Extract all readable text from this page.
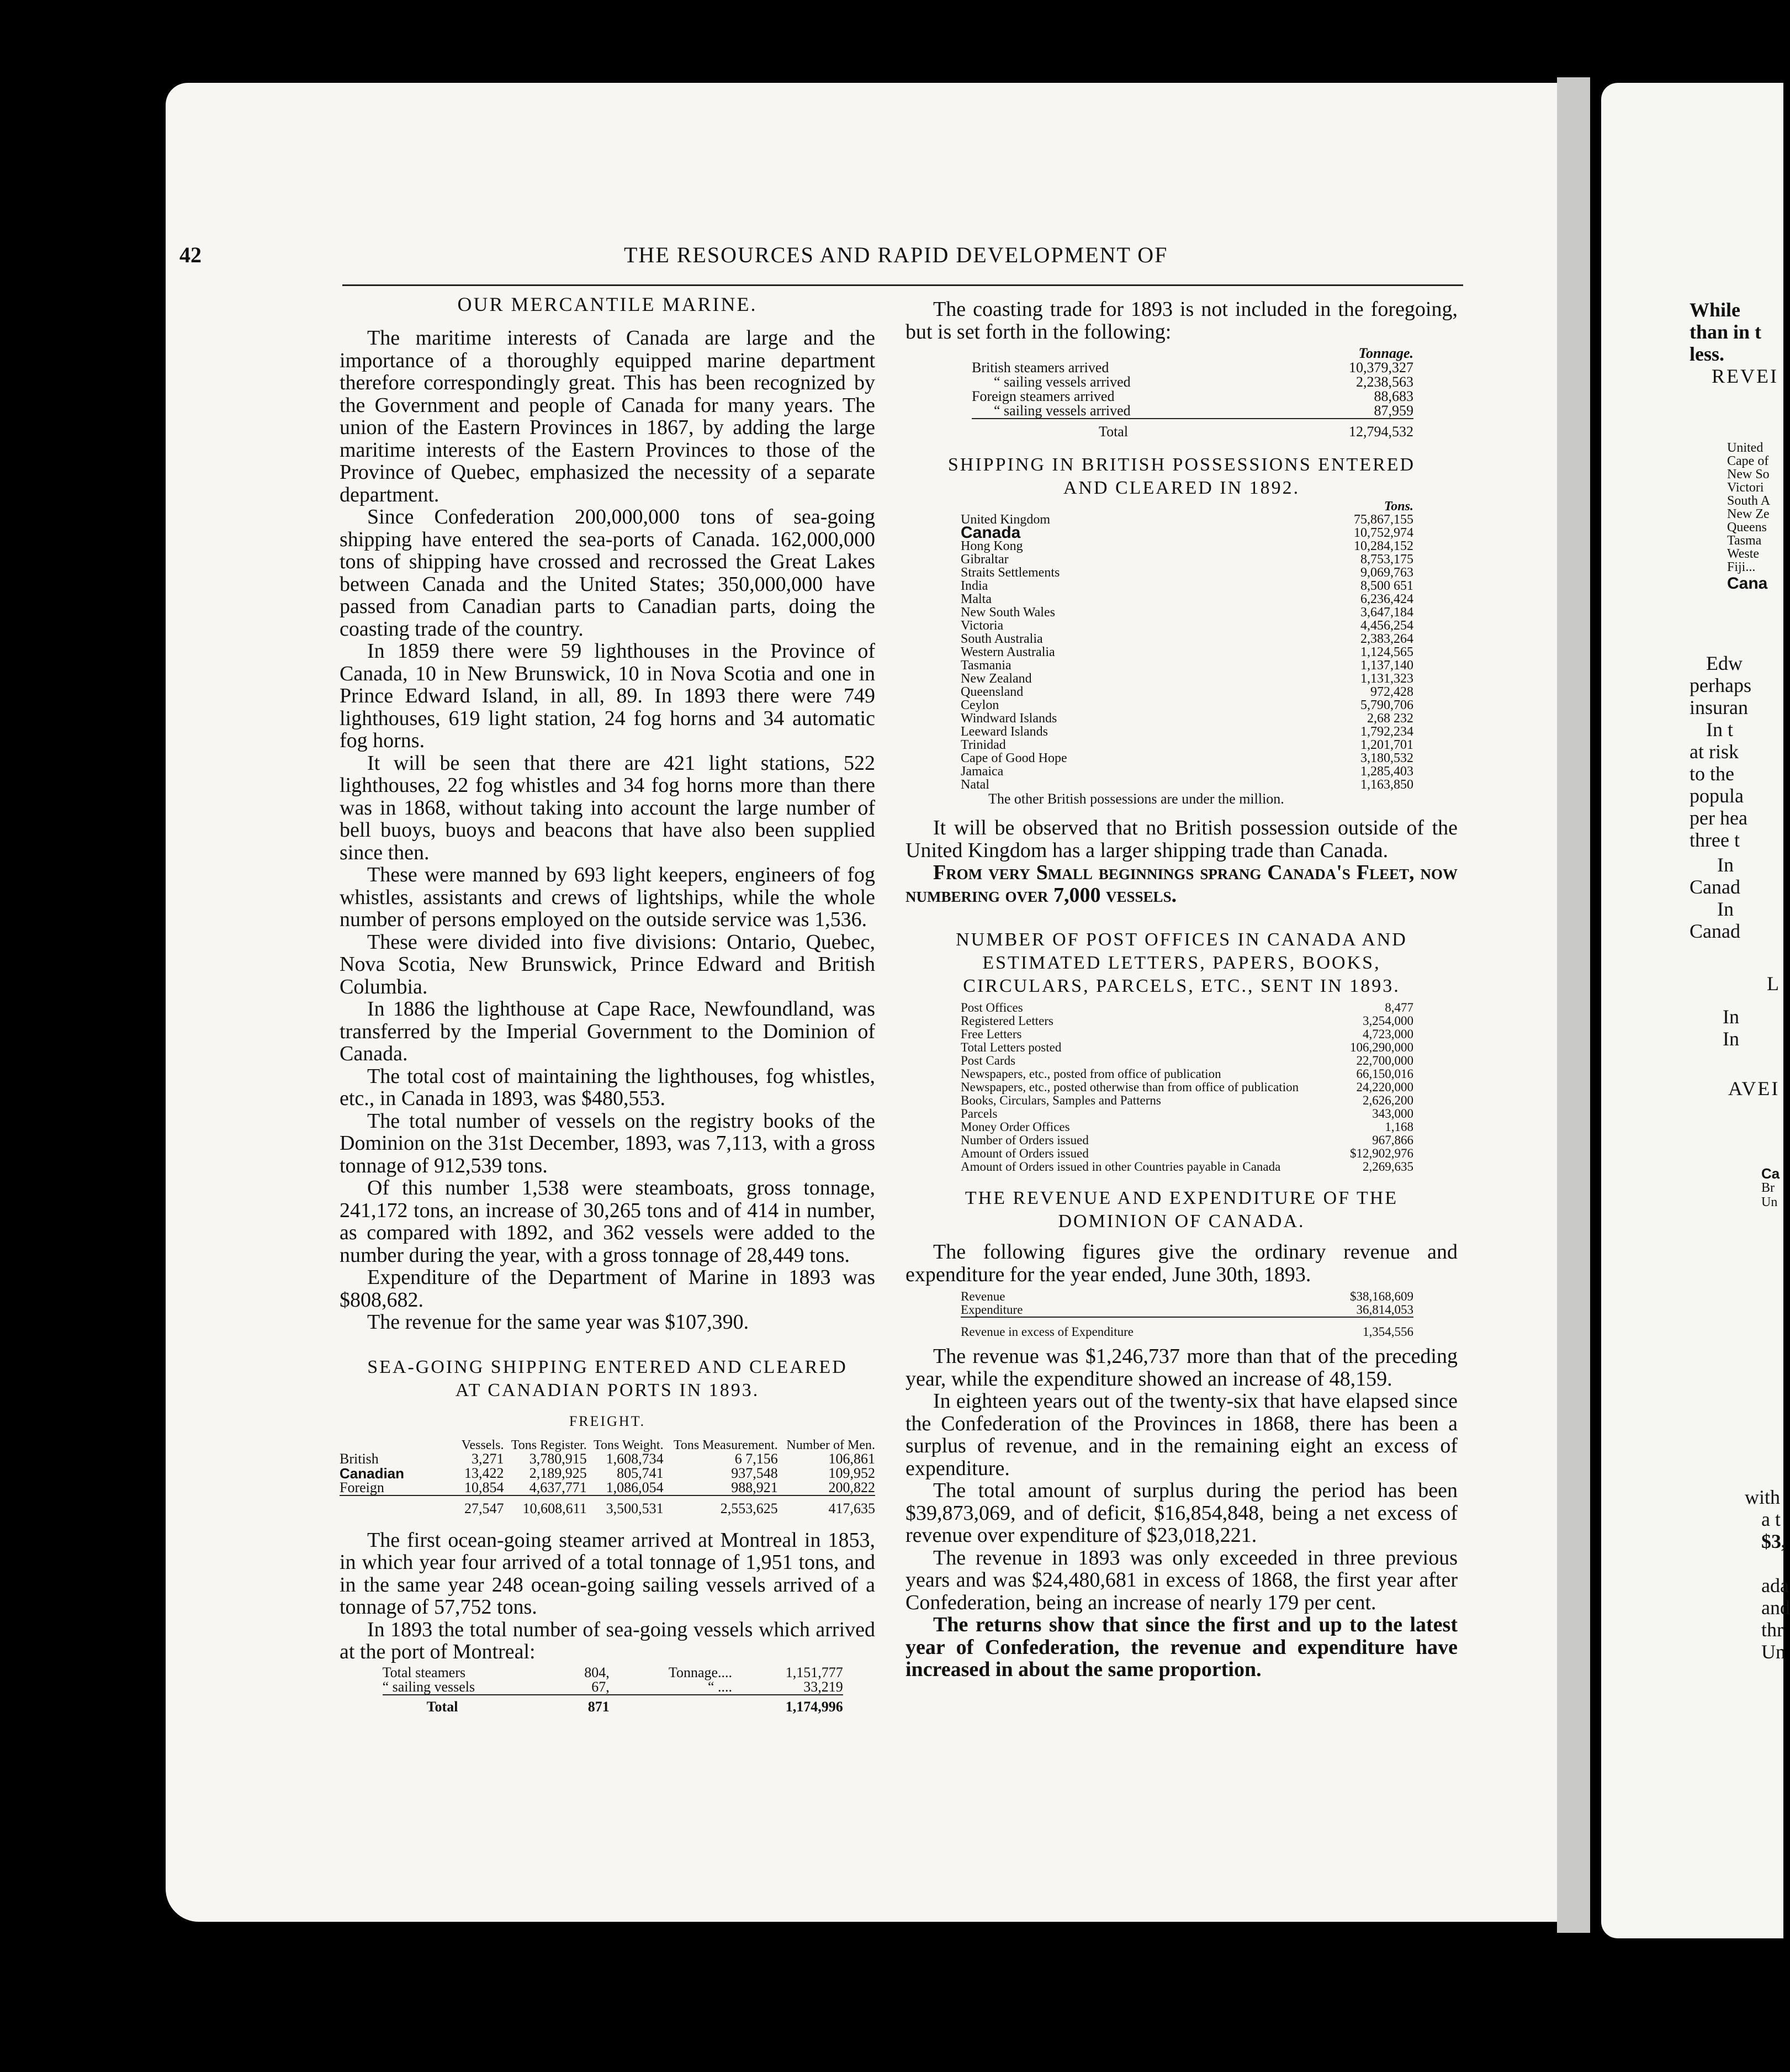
42	THE RESOURCES AND RAPID DEVELOPMENT OF

OUR MERCANTILE MARINE.

The maritime interests of Canada are large and the importance of a thoroughly equipped marine department therefore correspondingly great. This has been recognized by the Government and people of Canada for many years. The union of the Eastern Provinces in 1867, by adding the large maritime interests of the Eastern Provinces to those of the Province of Quebec, emphasized the necessity of a separate department.

Since Confederation 200,000,000 tons of sea-going shipping have entered the sea-ports of Canada. 162,000,000 tons of shipping have crossed and recrossed the Great Lakes between Canada and the United States; 350,000,000 have passed from Canadian parts to Canadian parts, doing the coasting trade of the country.

In 1859 there were 59 lighthouses in the Province of Canada, 10 in New Brunswick, 10 in Nova Scotia and one in Prince Edward Island, in all, 89. In 1893 there were 749 lighthouses, 619 light station, 24 fog horns and 34 automatic fog horns.

It will be seen that there are 421 light stations, 522 lighthouses, 22 fog whistles and 34 fog horns more than there was in 1868, without taking into account the large number of bell buoys, buoys and beacons that have also been supplied since then.

These were manned by 693 light keepers, engineers of fog whistles, assistants and crews of lightships, while the whole number of persons employed on the outside service was 1,536.

These were divided into five divisions: Ontario, Quebec, Nova Scotia, New Brunswick, Prince Edward and British Columbia.

In 1886 the lighthouse at Cape Race, Newfoundland, was transferred by the Imperial Government to the Dominion of Canada.

The total cost of maintaining the lighthouses, fog whistles, etc., in Canada in 1893, was $480,553.

The total number of vessels on the registry books of the Dominion on the 31st December, 1893, was 7,113, with a gross tonnage of 912,539 tons.

Of this number 1,538 were steamboats, gross tonnage, 241,172 tons, an increase of 30,265 tons and of 414 in number, as compared with 1892, and 362 vessels were added to the number during the year, with a gross tonnage of 28,449 tons.

Expenditure of the Department of Marine in 1893 was $808,682.

The revenue for the same year was $107,390.

SEA-GOING SHIPPING ENTERED AND CLEARED

AT CANADIAN PORTS IN 1893.

FREIGHT.

	Vessels.	Tons Register.	Tons Weight.	Tons Measurement.	Number of Men.
British	3,271	3,780,915	1,608,734	6 7,156	106,861
Canadian	13,422	2,189,925	805,741	937,548	109,952
Foreign	10,854	4,637,771	1,086,054	988,921	200,822
	27,547	10,608,611	3,500,531	2,553,625	417,635

The first ocean-going steamer arrived at Montreal in 1853, in which year four arrived of a total tonnage of 1,951 tons, and in the same year 248 ocean-going sailing vessels arrived of a tonnage of 57,752 tons.

In 1893 the total number of sea-going vessels which arrived at the port of Montreal:

Total steamers	804,	Tonnage....	1,151,777
“ sailing vessels	67,	“ ....	33,219
Total	871		1,174,996

The coasting trade for 1893 is not included in the foregoing, but is set forth in the following:

	Tonnage.
British steamers arrived	10,379,327
“ sailing vessels arrived	2,238,563
Foreign steamers arrived	88,683
“ sailing vessels arrived	87,959
Total	12,794,532

SHIPPING IN BRITISH POSSESSIONS ENTERED

AND CLEARED IN 1892.

	Tons.
United Kingdom	75,867,155
Canada	10,752,974
Hong Kong	10,284,152
Gibraltar	8,753,175
Straits Settlements	9,069,763
India	8,500 651
Malta	6,236,424
New South Wales	3,647,184
Victoria	4,456,254
South Australia	2,383,264
Western Australia	1,124,565
Tasmania	1,137,140
New Zealand	1,131,323
Queensland	972,428
Ceylon	5,790,706
Windward Islands	2,68 232
Leeward Islands	1,792,234
Trinidad	1,201,701
Cape of Good Hope	3,180,532
Jamaica	1,285,403
Natal	1,163,850

The other British possessions are under the million.

It will be observed that no British possession outside of the United Kingdom has a larger shipping trade than Canada.

From very Small beginnings sprang Canada's Fleet, now numbering over 7,000 vessels.

NUMBER OF POST OFFICES IN CANADA AND

ESTIMATED LETTERS, PAPERS, BOOKS,

CIRCULARS, PARCELS, ETC., SENT IN 1893.

Post Offices	8,477
Registered Letters	3,254,000
Free Letters	4,723,000
Total Letters posted	106,290,000
Post Cards	22,700,000
Newspapers, etc., posted from office of publication	66,150,016
Newspapers, etc., posted otherwise than from office of publication	24,220,000
Books, Circulars, Samples and Patterns	2,626,200
Parcels	343,000
Money Order Offices	1,168
Number of Orders issued	967,866
Amount of Orders issued	$12,902,976
Amount of Orders issued in other Countries payable in Canada	2,269,635

THE REVENUE AND EXPENDITURE OF THE

DOMINION OF CANADA.

The following figures give the ordinary revenue and expenditure for the year ended, June 30th, 1893.

Revenue	$38,168,609
Expenditure	36,814,053
Revenue in excess of Expenditure	1,354,556

The revenue was $1,246,737 more than that of the preceding year, while the expenditure showed an increase of 48,159.

In eighteen years out of the twenty-six that have elapsed since the Confederation of the Provinces in 1868, there has been a surplus of revenue, and in the remaining eight an excess of expenditure.

The total amount of surplus during the period has been $39,873,069, and of deficit, $16,854,848, being a net excess of revenue over expenditure of $23,018,221.

The revenue in 1893 was only exceeded in three previous years and was $24,480,681 in excess of 1868, the first year after Confederation, being an increase of nearly 179 per cent.

The returns show that since the first and up to the latest year of Confederation, the revenue and expenditure have increased in about the same proportion.

While
than in t
less.
REVEI
United
Cape of
New So
Victori
South A
New Ze
Queens
Tasma
Weste
Fiji...
Cana
Edw
perhaps
insuran
In t
at risk
to the
popula
per hea
three t
In
Canad
In
Canad
L
In
In
AVEI
Ca
Br
Un
with
a t
$3,
ada
and
thr
Un
